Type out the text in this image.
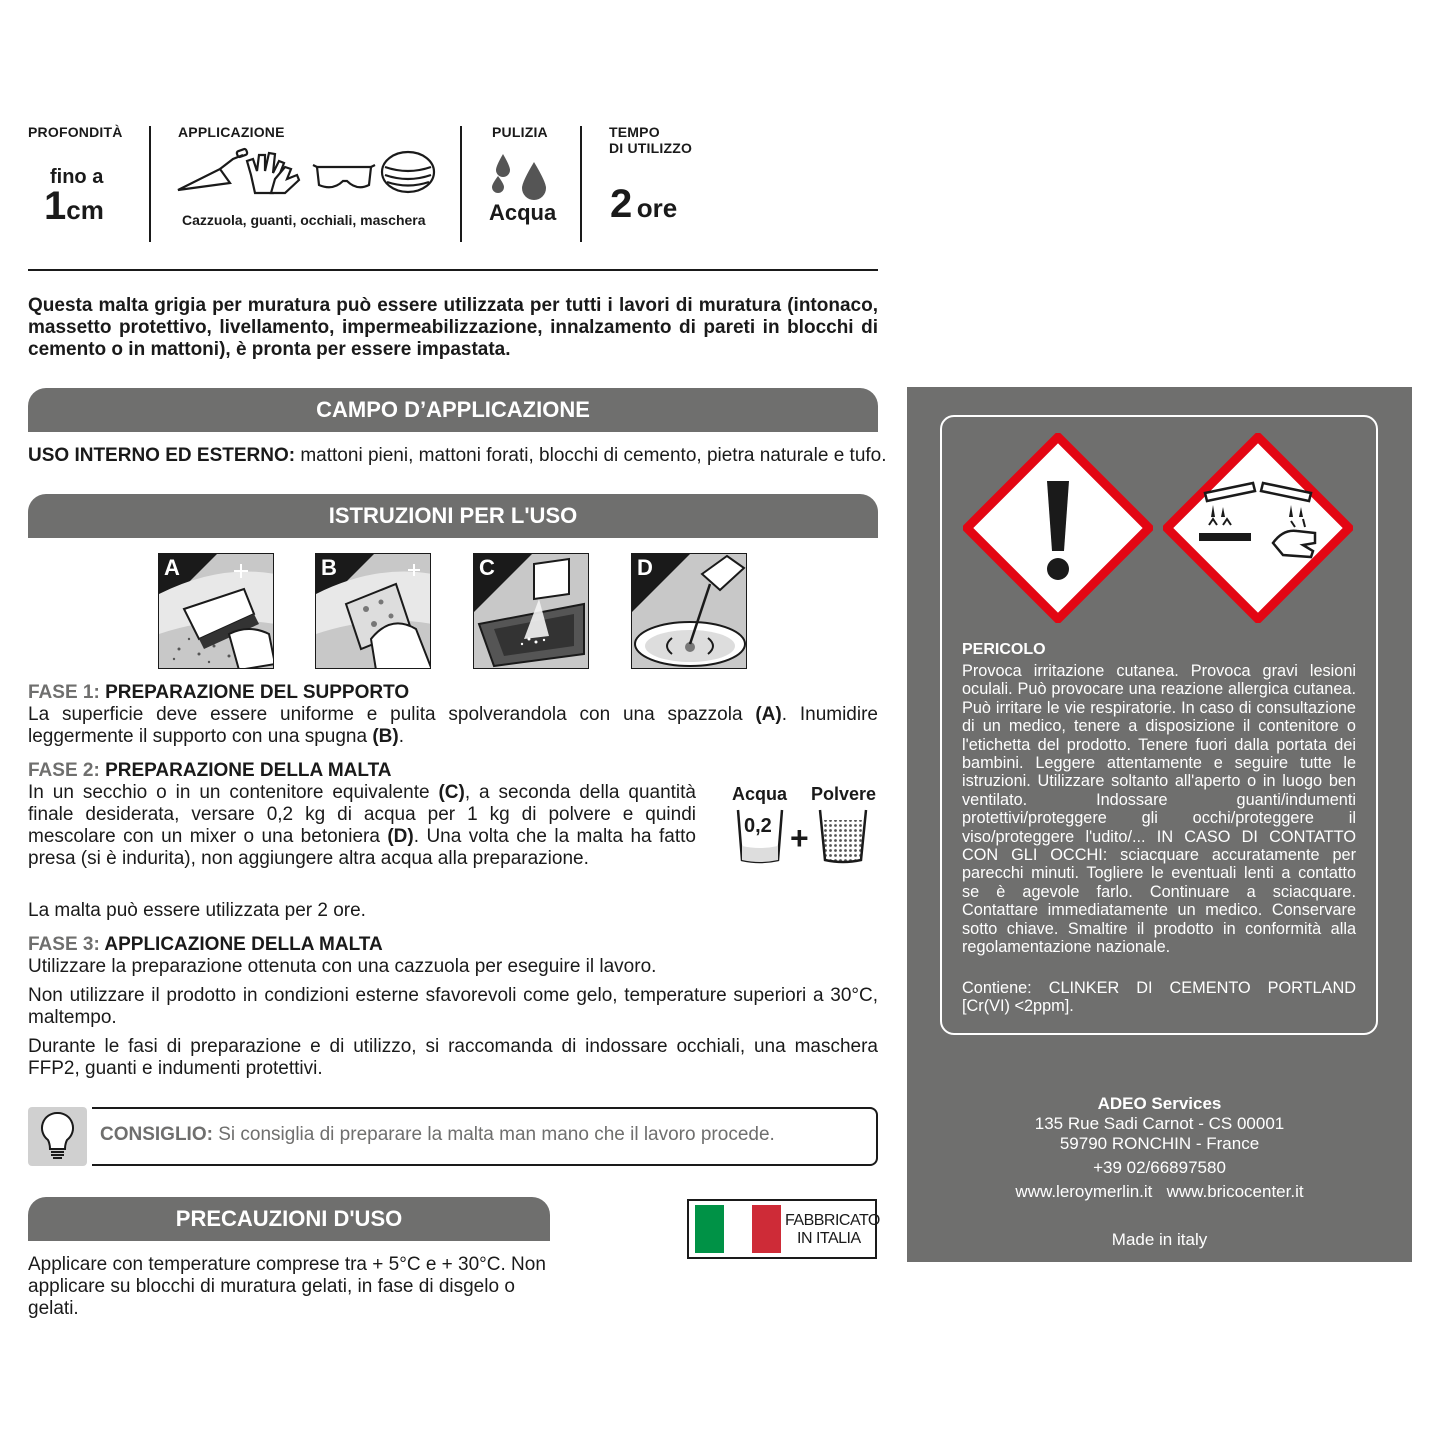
PROFONDITÀ
fino a
1cm
APPLICAZIONE
Cazzuola, guanti, occhiali, maschera
PULIZIA
Acqua
TEMPO
DI UTILIZZO
2 ore
Questa malta grigia per muratura può essere utilizzata per tutti i lavori di muratura (intonaco, massetto protettivo, livellamento, impermeabilizzazione, innalzamento di pareti in blocchi di cemento o in mattoni), è pronta per essere impastata.
CAMPO D’APPLICAZIONE
USO INTERNO ED ESTERNO: mattoni pieni, mattoni forati, blocchi di cemento, pietra naturale e tufo.
ISTRUZIONI PER L'USO
A	B	C	D
FASE 1: PREPARAZIONE DEL SUPPORTO
La superficie deve essere uniforme e pulita spolverandola con una spazzola (A). Inumidire leggermente il supporto con una spugna (B).
FASE 2: PREPARAZIONE DELLA MALTA
In un secchio o in un contenitore equivalente (C), a seconda della quantità finale desiderata, versare 0,2 kg di acqua per 1 kg di polvere e quindi mescolare con un mixer o una betoniera (D). Una volta che la malta ha fatto presa (si è indurita), non aggiungere altra acqua alla preparazione.
La malta può essere utilizzata per 2 ore.
Acqua Polvere
0,2 +
FASE 3: APPLICAZIONE DELLA MALTA
Utilizzare la preparazione ottenuta con una cazzuola per eseguire il lavoro.
Non utilizzare il prodotto in condizioni esterne sfavorevoli come gelo, temperature superiori a 30°C, maltempo.
Durante le fasi di preparazione e di utilizzo, si raccomanda di indossare occhiali, una maschera FFP2, guanti e indumenti protettivi.
CONSIGLIO: Si consiglia di preparare la malta man mano che il lavoro procede.
PRECAUZIONI D'USO
Applicare con temperature comprese tra + 5°C e + 30°C. Non applicare su blocchi di muratura gelati, in fase di disgelo o gelati.
FABBRICATO
IN ITALIA
PERICOLO
Provoca irritazione cutanea. Provoca gravi lesioni oculali. Può provocare una reazione allergica cutanea. Può irritare le vie respiratorie. In caso di consultazione di un medico, tenere a disposizione il contenitore o l'etichetta del prodotto. Tenere fuori dalla portata dei bambini. Leggere attentamente e seguire tutte le istruzioni. Utilizzare soltanto all'aperto o in luogo ben ventilato. Indossare guanti/indumenti protettivi/proteggere gli occhi/proteggere il viso/proteggere l'udito/... IN CASO DI CONTATTO CON GLI OCCHI: sciacquare accuratamente per parecchi minuti. Togliere le eventuali lenti a contatto se è agevole farlo. Continuare a sciacquare. Contattare immediatamente un medico. Conservare sotto chiave. Smaltire il prodotto in conformità alla regolamentazione nazionale.
Contiene: CLINKER DI CEMENTO PORTLAND [Cr(VI) <2ppm].
ADEO Services
135 Rue Sadi Carnot - CS 00001
59790 RONCHIN - France
+39 02/66897580
www.leroymerlin.it www.bricocenter.it
Made in italy
